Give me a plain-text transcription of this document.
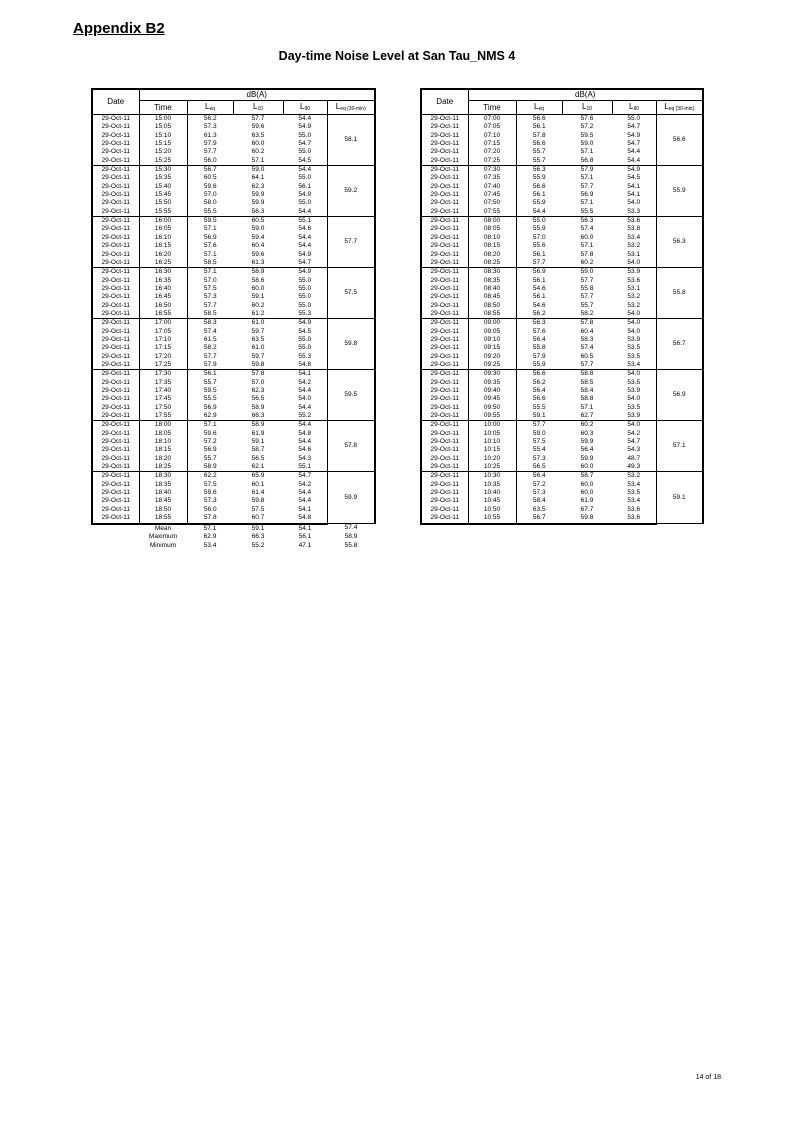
Appendix B2
Day-time Noise Level at San Tau_NMS 4
Date	dB(A)				
	Time	$L_{eq}$	$L_{10}$	$L_{90}$	$L_{eq (30-min)}$
29-Oct-11	15:00	56.2	57.7	54.4	58.1
29-Oct-11	15:05	57.3	59.6	54.9	
29-Oct-11	15:10	61.3	63.5	55.0	
29-Oct-11	15:15	57.9	60.0	54.7	
29-Oct-11	15:20	57.7	60.2	55.0	
29-Oct-11	15:25	56.0	57.1	54.5	
29-Oct-11	15:30	56.7	59.0	54.4	59.2
29-Oct-11	15:35	60.5	64.1	55.0	
29-Oct-11	15:40	59.6	62.3	56.1	
29-Oct-11	15:45	57.0	59.9	54.9	
29-Oct-11	15:50	58.0	59.9	55.0	
29-Oct-11	15:55	55.5	56.3	54.4	
29-Oct-11	16:00	59.5	60.5	55.1	57.7
29-Oct-11	16:05	57.1	59.0	54.6	
29-Oct-11	16:10	56.9	59.4	54.4	
29-Oct-11	16:15	57.6	60.4	54.4	
29-Oct-11	16:20	57.1	59.6	54.9	
29-Oct-11	16:25	58.5	61.3	54.7	
29-Oct-11	16:30	57.1	58.9	54.9	57.5
29-Oct-11	16:35	57.0	58.6	55.0	
29-Oct-11	16:40	57.5	60.0	55.0	
29-Oct-11	16:45	57.3	59.1	55.0	
29-Oct-11	16:50	57.7	60.2	55.0	
29-Oct-11	16:55	58.5	61.2	55.3	
29-Oct-11	17:00	58.3	61.0	54.9	59.8
29-Oct-11	17:05	57.4	59.7	54.5	
29-Oct-11	17:10	61.5	63.5	55.0	
29-Oct-11	17:15	58.2	61.0	55.0	
29-Oct-11	17:20	57.7	59.7	55.3	
29-Oct-11	17:25	57.9	59.8	54.8	
29-Oct-11	17:30	56.1	57.8	54.1	59.5
29-Oct-11	17:35	55.7	57.0	54.2	
29-Oct-11	17:40	59.5	62.3	54.4	
29-Oct-11	17:45	55.5	56.5	54.0	
29-Oct-11	17:50	56.9	58.9	54.4	
29-Oct-11	17:55	62.9	66.3	55.2	
29-Oct-11	18:00	57.1	58.9	54.4	57.8
29-Oct-11	18:05	59.6	61.9	54.8	
29-Oct-11	18:10	57.2	59.1	54.4	
29-Oct-11	18:15	56.9	58.7	54.6	
29-Oct-11	18:20	55.7	56.5	54.3	
29-Oct-11	18:25	58.9	62.1	55.1	
29-Oct-11	18:30	62.2	65.9	54.7	59.9
29-Oct-11	18:35	57.5	60.1	54.2	
29-Oct-11	18:40	59.6	61.4	54.4	
29-Oct-11	18:45	57.3	59.8	54.4	
29-Oct-11	18:50	56.0	57.5	54.1	
29-Oct-11	18:55	57.8	60.7	54.8	
	Mean	57.1	59.1	54.1	57.4
	Maximum	62.9	66.3	56.1	58.9
	Minimum	53.4	55.2	47.1	55.8
Date	dB(A)				
	Time	$L_{eq}$	$L_{10}$	$L_{90}$	$L_{eq (30-min)}$
29-Oct-11	07:00	56.6	57.6	55.0	56.6
29-Oct-11	07:05	56.1	57.2	54.7	
29-Oct-11	07:10	57.8	59.5	54.9	
29-Oct-11	07:15	56.6	59.0	54.7	
29-Oct-11	07:20	55.7	57.1	54.4	
29-Oct-11	07:25	55.7	56.8	54.4	
29-Oct-11	07:30	56.3	57.9	54.9	55.9
29-Oct-11	07:35	55.9	57.1	54.5	
29-Oct-11	07:40	56.6	57.7	54.1	
29-Oct-11	07:45	56.1	56.9	54.1	
29-Oct-11	07:50	55.9	57.1	54.0	
29-Oct-11	07:55	54.4	55.5	53.3	
29-Oct-11	08:00	55.0	56.3	53.6	56.3
29-Oct-11	08:05	55.9	57.4	53.8	
29-Oct-11	08:10	57.0	60.0	53.4	
29-Oct-11	08:15	55.6	57.1	53.2	
29-Oct-11	08:20	56.1	57.8	53.1	
29-Oct-11	08:25	57.7	60.2	54.0	
29-Oct-11	08:30	56.9	59.0	53.9	55.8
29-Oct-11	08:35	56.1	57.7	53.6	
29-Oct-11	08:40	54.6	55.8	53.1	
29-Oct-11	08:45	56.1	57.7	53.2	
29-Oct-11	08:50	54.6	55.7	53.2	
29-Oct-11	08:55	56.2	58.2	54.0	
29-Oct-11	09:00	56.3	57.8	54.0	56.7
29-Oct-11	09:05	57.6	60.4	54.0	
29-Oct-11	09:10	56.4	58.3	53.9	
29-Oct-11	09:15	55.8	57.4	53.5	
29-Oct-11	09:20	57.9	60.5	53.5	
29-Oct-11	09:25	55.9	57.7	53.4	
29-Oct-11	09:30	56.6	58.8	54.0	56.9
29-Oct-11	09:35	56.2	58.5	53.5	
29-Oct-11	09:40	56.4	58.4	53.9	
29-Oct-11	09:45	56.6	58.8	54.0	
29-Oct-11	09:50	55.5	57.1	53.5	
29-Oct-11	09:55	59.1	62.7	53.9	
29-Oct-11	10:00	57.7	60.2	54.0	57.1
29-Oct-11	10:05	59.0	60.3	54.2	
29-Oct-11	10:10	57.5	59.9	54.7	
29-Oct-11	10:15	55.4	56.4	54.3	
29-Oct-11	10:20	57.3	59.9	48.7	
29-Oct-11	10:25	56.5	60.0	49.3	
29-Oct-11	10:30	56.4	58.7	53.2	59.1
29-Oct-11	10:35	57.2	60.0	53.4	
29-Oct-11	10:40	57.3	60.0	53.5	
29-Oct-11	10:45	58.4	61.9	53.4	
29-Oct-11	10:50	63.5	67.7	53.6	
29-Oct-11	10:55	56.7	59.8	53.6	
14 of 18
